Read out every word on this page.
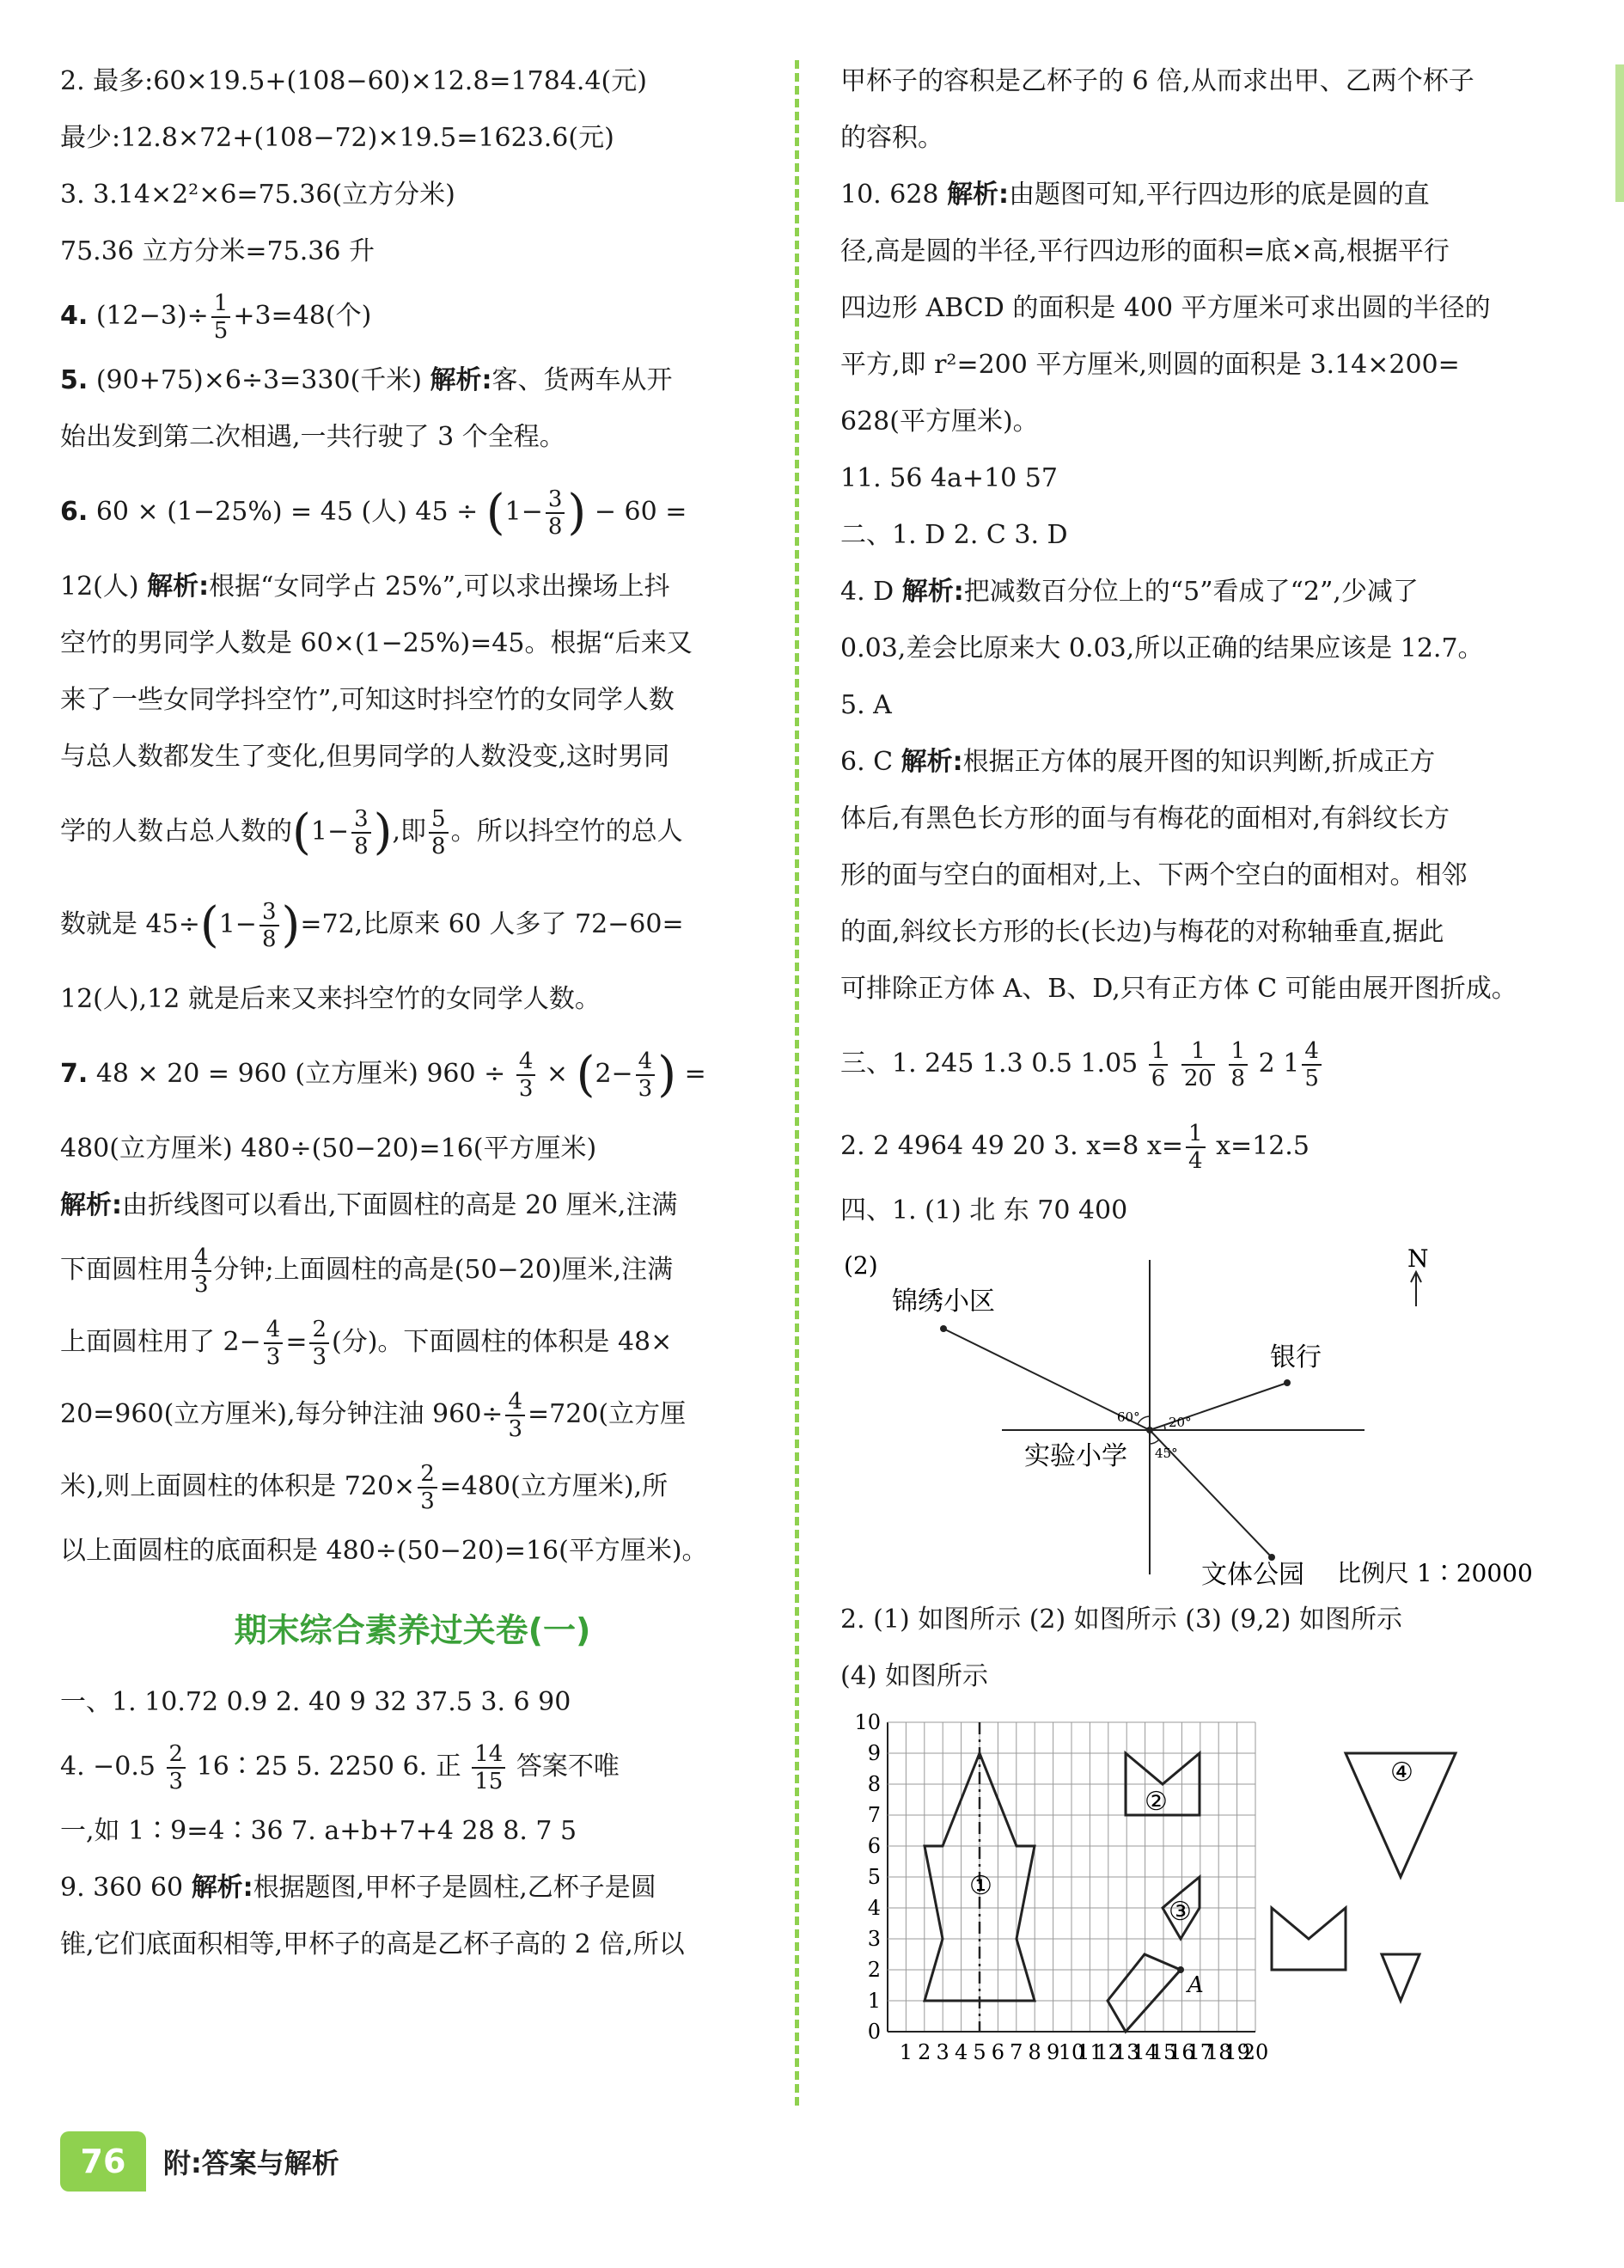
2. 最多:60×19.5+(108−60)×12.8=1784.4(元)

最少:12.8×72+(108−72)×19.5=1623.6(元)

3. 3.14×2²×6=75.36(立方分米)

75.36 立方分米=75.36 升

4. $(12-3)\div \frac{1}{5} +3=48$(个)

5. (90+75)×6÷3=330(千米) 解析:客、货两车从开

始出发到第二次相遇,一共行驶了 3 个全程。

6. 60 × (1−25%) = 45 (人) $45 \div (1- \frac{3}{8}$ ) − 60 =

12(人) 解析:根据“女同学占 25%”,可以求出操场上抖

空竹的男同学人数是 60×(1−25%)=45。根据“后来又

来了一些女同学抖空竹”,可知这时抖空竹的女同学人数

与总人数都发生了变化,但男同学的人数没变,这时男同

学的人数占总人数的($1- \frac{3}{8}$ ),即 $\frac{5}{8}$ 。所以抖空竹的总人

数就是 $45\div(1- \frac{3}{8} )=72$,比原来 60 人多了 72−60=

12(人),12 就是后来又来抖空竹的女同学人数。

7. 48 × 20 = 960 (立方厘米) $960 \div \frac{4}{3} \times (2- \frac{4}{3}$ ) =

480(立方厘米) 480÷(50−20)=16(平方厘米)

解析:由折线图可以看出,下面圆柱的高是 20 厘米,注满

下面圆柱用 $\frac{4}{3}$ 分钟;上面圆柱的高是(50−20)厘米,注满

上面圆柱用了 $2- \frac{4}{3} = \frac{2}{3}$ (分)。下面圆柱的体积是 48×

20=960(立方厘米),每分钟注油 $960\div \frac{4}{3} =720$(立方厘

米),则上面圆柱的体积是 $720\times \frac{2}{3} =480$(立方厘米),所

以上面圆柱的底面积是 480÷(50−20)=16(平方厘米)。

期末综合素养过关卷(一)

一、1. 10.72 0.9 2. 40 9 32 37.5 3. 6 90

4. $-0.5 \frac{2}{3}$ 16∶25 5. 2250 6. 正 $\frac{14}{15}$ 答案不唯

一,如 1∶9=4∶36 7. a+b+7+4 28 8. 7 5

9. 360 60 解析:根据题图,甲杯子是圆柱,乙杯子是圆

锥,它们底面积相等,甲杯子的高是乙杯子高的 2 倍,所以

甲杯子的容积是乙杯子的 6 倍,从而求出甲、乙两个杯子

的容积。

10. 628 解析:由题图可知,平行四边形的底是圆的直

径,高是圆的半径,平行四边形的面积=底×高,根据平行

四边形 ABCD 的面积是 400 平方厘米可求出圆的半径的

平方,即 r²=200 平方厘米,则圆的面积是 3.14×200=

628(平方厘米)。

11. 56 4a+10 57

二、1. D 2. C 3. D

4. D 解析:把减数百分位上的“5”看成了“2”,少减了

0.03,差会比原来大 0.03,所以正确的结果应该是 12.7。

5. A

6. C 解析:根据正方体的展开图的知识判断,折成正方

体后,有黑色长方形的面与有梅花的面相对,有斜纹长方

形的面与空白的面相对,上、下两个空白的面相对。相邻

的面,斜纹长方形的长(长边)与梅花的对称轴垂直,据此

可排除正方体 A、B、D,只有正方体 C 可能由展开图折成。

三、1. 245 1.3 0.5 $1.05 \frac{1}{6}$
$\frac{1}{20}$
$\frac{1}{8} 2$ $1 \frac{4}{5}$

2. 2 4964 49 20 3. x=8 $x= \frac{1}{4} x=12.5$

四、1. (1) 北 东 70 400

(2)
60° 20°
45°
锦绣小区
银行
实验小学
文体公园 比例尺 1∶20000
N

2. (1) 如图所示 (2) 如图所示 (3) (9,2) 如图所示

(4) 如图所示

0
1
2
3
4
5
6
7
8
9
10
1 2 3 4 5 6 7 8 9
10
11
12
13
14
15
16
17
18
19
20
A
①
②
③
④
76	附:答案与解析
